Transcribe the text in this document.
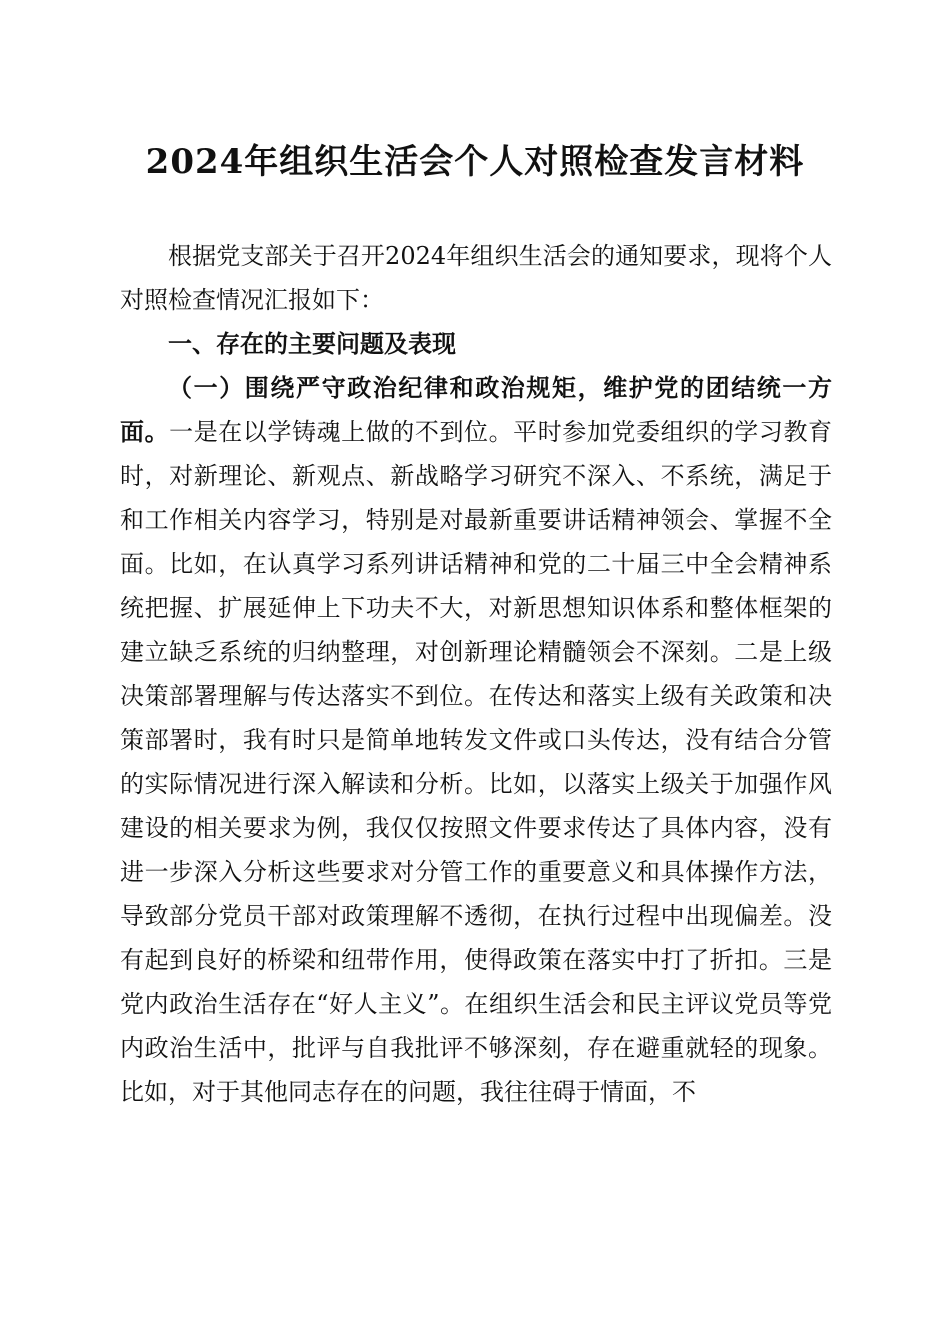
2024年组织生活会个人对照检查发言材料

根据党支部关于召开2024年组织生活会的通知要求，现将个人对照检查情况汇报如下：

一、存在的主要问题及表现

（一）围绕严守政治纪律和政治规矩，维护党的团结统一方面。一是在以学铸魂上做的不到位。平时参加党委组织的学习教育时，对新理论、新观点、新战略学习研究不深入、不系统，满足于和工作相关内容学习，特别是对最新重要讲话精神领会、掌握不全面。比如，在认真学习系列讲话精神和党的二十届三中全会精神系统把握、扩展延伸上下功夫不大，对新思想知识体系和整体框架的建立缺乏系统的归纳整理，对创新理论精髓领会不深刻。二是上级决策部署理解与传达落实不到位。在传达和落实上级有关政策和决策部署时，我有时只是简单地转发文件或口头传达，没有结合分管的实际情况进行深入解读和分析。比如，以落实上级关于加强作风建设的相关要求为例，我仅仅按照文件要求传达了具体内容，没有进一步深入分析这些要求对分管工作的重要意义和具体操作方法，导致部分党员干部对政策理解不透彻，在执行过程中出现偏差。没有起到良好的桥梁和纽带作用，使得政策在落实中打了折扣。三是党内政治生活存在“好人主义”。在组织生活会和民主评议党员等党内政治生活中，批评与自我批评不够深刻，存在避重就轻的现象。比如，对于其他同志存在的问题，我往往碍于情面，不
